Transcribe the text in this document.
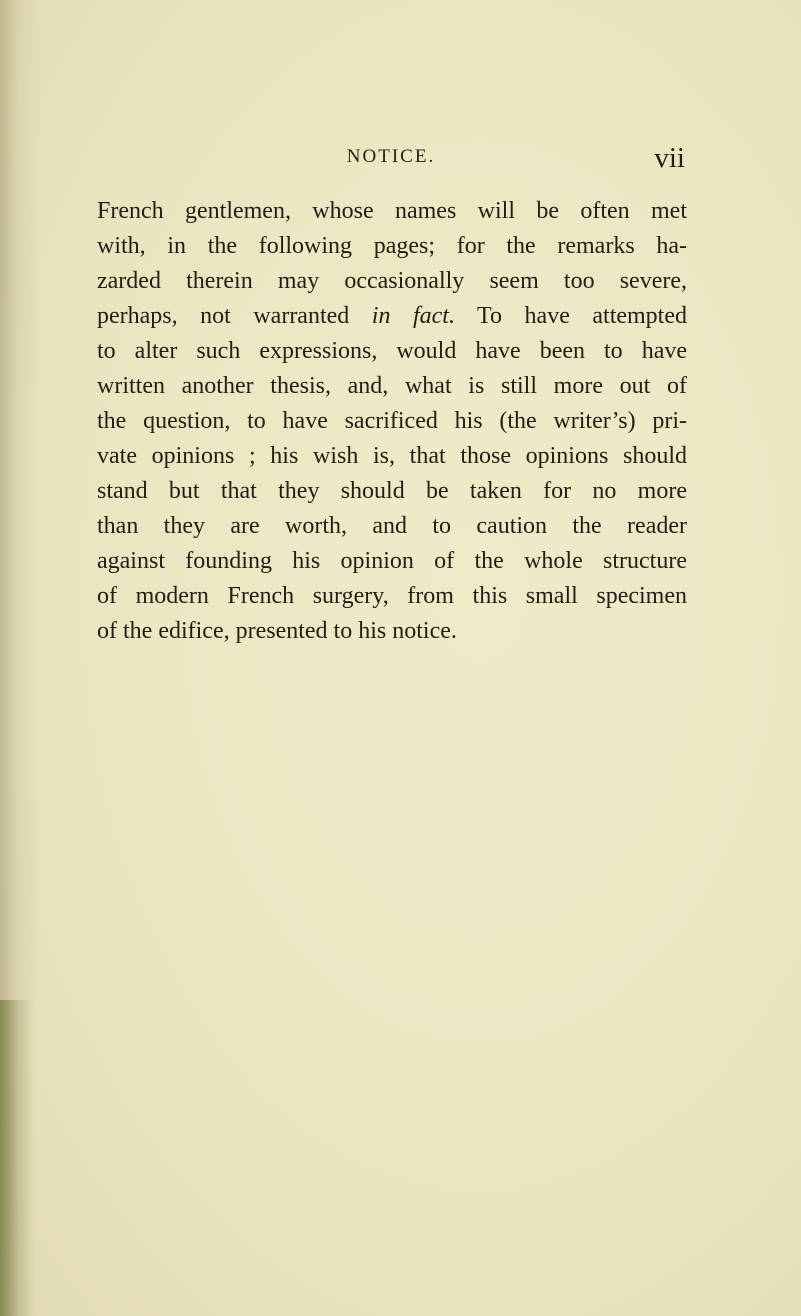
NOTICE.	vii
French gentlemen, whose names will be often met
with, in the following pages; for the remarks ha-
zarded therein may occasionally seem too severe,
perhaps, not warranted in fact. To have attempted
to alter such expressions, would have been to have
written another thesis, and, what is still more out of
the question, to have sacrificed his (the writer’s) pri-
vate opinions ; his wish is, that those opinions should
stand but that they should be taken for no more
than they are worth, and to caution the reader
against founding his opinion of the whole structure
of modern French surgery, from this small specimen
of the edifice, presented to his notice.
